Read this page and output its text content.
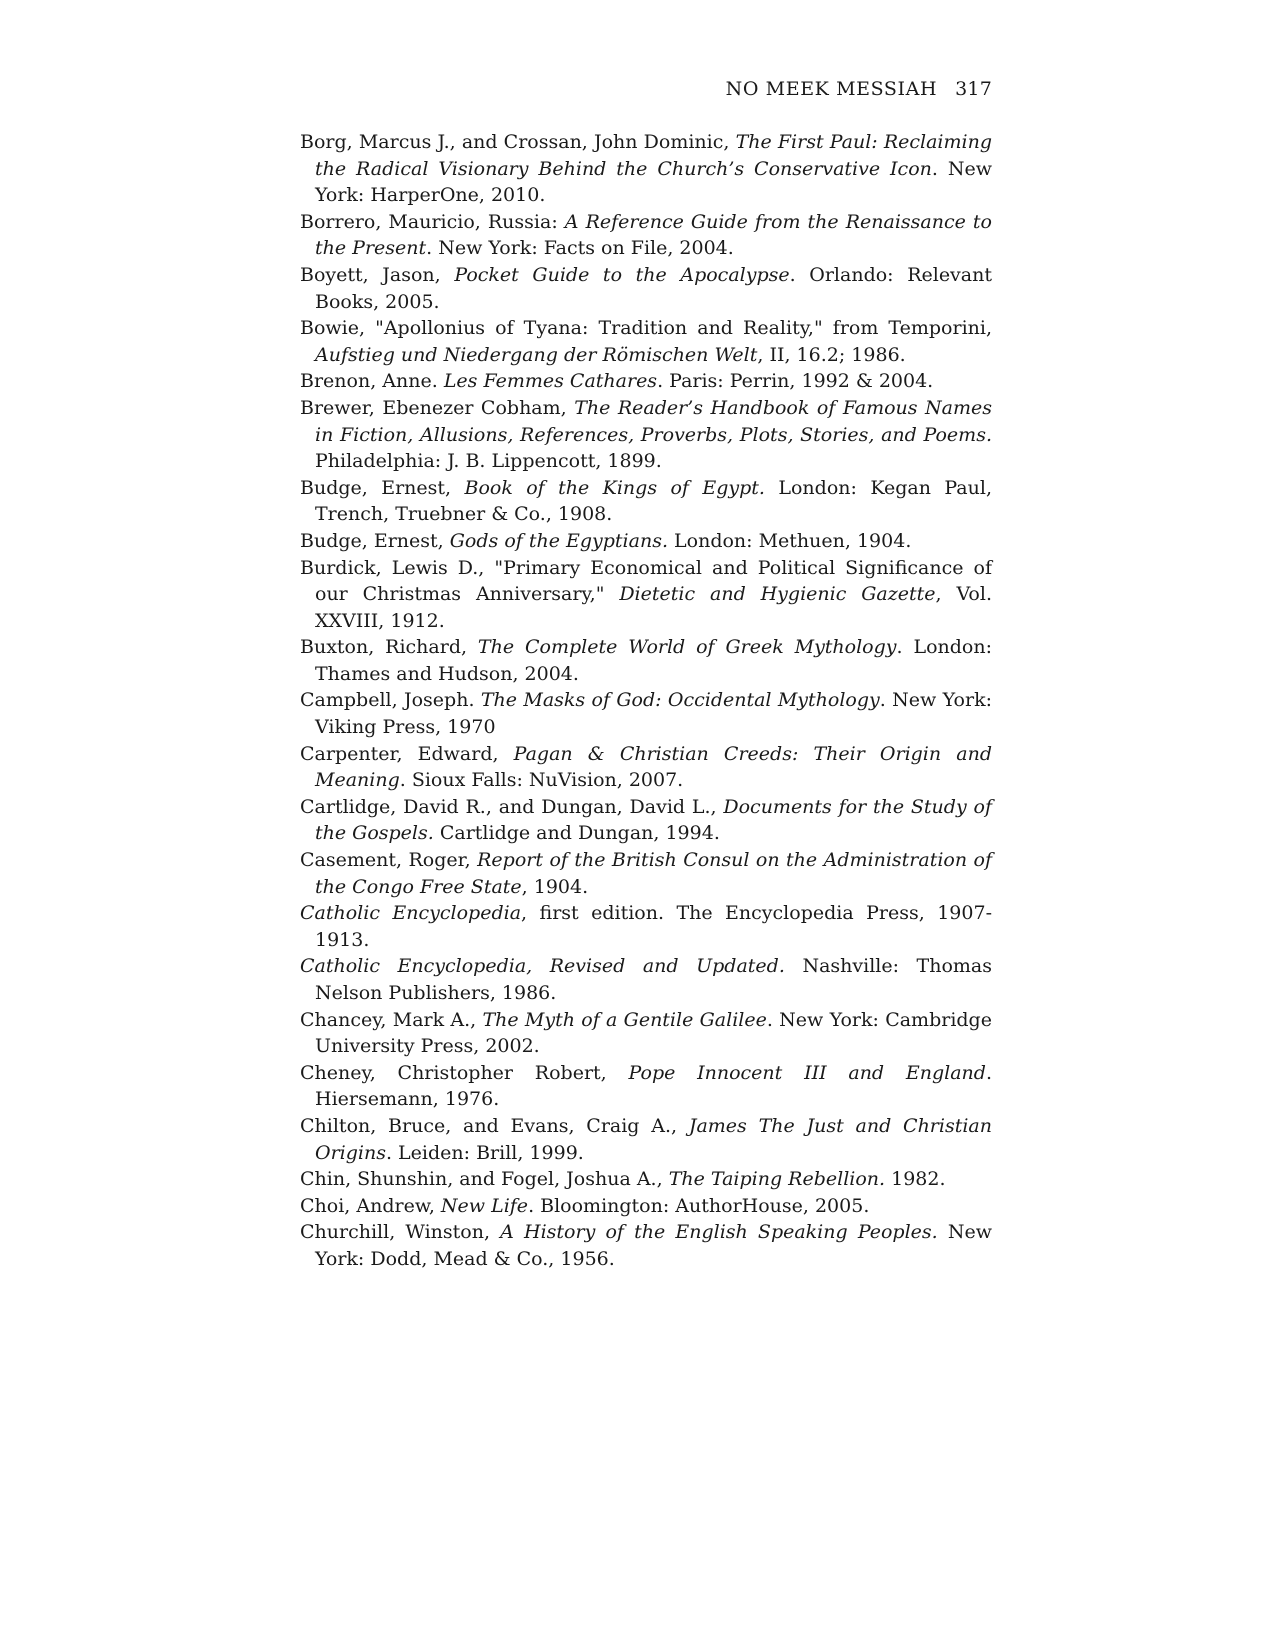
NO MEEK MESSIAH 317
Borg, Marcus J., and Crossan, John Dominic, The First Paul: Reclaiming the Radical Visionary Behind the Church’s Conservative Icon. New York: HarperOne, 2010.
Borrero, Mauricio, Russia: A Reference Guide from the Renaissance to the Present. New York: Facts on File, 2004.
Boyett, Jason, Pocket Guide to the Apocalypse. Orlando: Relevant Books, 2005.
Bowie, "Apollonius of Tyana: Tradition and Reality," from Temporini, Aufstieg und Niedergang der Römischen Welt, II, 16.2; 1986.
Brenon, Anne. Les Femmes Cathares. Paris: Perrin, 1992 & 2004.
Brewer, Ebenezer Cobham, The Reader’s Handbook of Famous Names in Fiction, Allusions, References, Proverbs, Plots, Stories, and Poems. Philadelphia: J. B. Lippencott, 1899.
Budge, Ernest, Book of the Kings of Egypt. London: Kegan Paul, Trench, Truebner & Co., 1908.
Budge, Ernest, Gods of the Egyptians. London: Methuen, 1904.
Burdick, Lewis D., "Primary Economical and Political Significance of our Christmas Anniversary," Dietetic and Hygienic Gazette, Vol. XXVIII, 1912.
Buxton, Richard, The Complete World of Greek Mythology. London: Thames and Hudson, 2004.
Campbell, Joseph. The Masks of God: Occidental Mythology. New York: Viking Press, 1970
Carpenter, Edward, Pagan & Christian Creeds: Their Origin and Meaning. Sioux Falls: NuVision, 2007.
Cartlidge, David R., and Dungan, David L., Documents for the Study of the Gospels. Cartlidge and Dungan, 1994.
Casement, Roger, Report of the British Consul on the Administration of the Congo Free State, 1904.
Catholic Encyclopedia, first edition. The Encyclopedia Press, 1907-1913.
Catholic Encyclopedia, Revised and Updated. Nashville: Thomas Nelson Publishers, 1986.
Chancey, Mark A., The Myth of a Gentile Galilee. New York: Cambridge University Press, 2002.
Cheney, Christopher Robert, Pope Innocent III and England. Hiersemann, 1976.
Chilton, Bruce, and Evans, Craig A., James The Just and Christian Origins. Leiden: Brill, 1999.
Chin, Shunshin, and Fogel, Joshua A., The Taiping Rebellion. 1982.
Choi, Andrew, New Life. Bloomington: AuthorHouse, 2005.
Churchill, Winston, A History of the English Speaking Peoples. New York: Dodd, Mead & Co., 1956.
